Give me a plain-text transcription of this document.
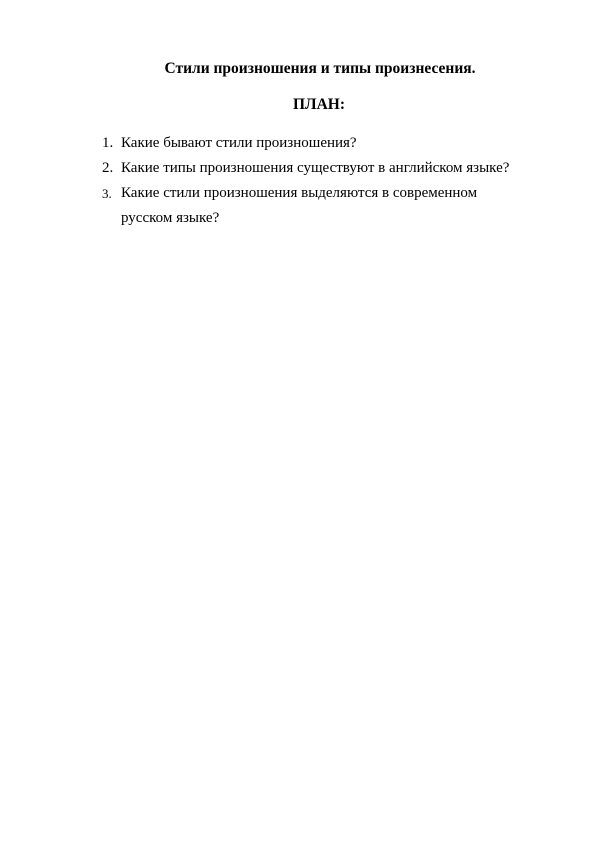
Стили произношения и типы произнесения.
ПЛАН:
1. Какие бывают стили произношения?
2. Какие типы произношения существуют в английском языке?
3. Какие стили произношения выделяются в современном
русском языке?
